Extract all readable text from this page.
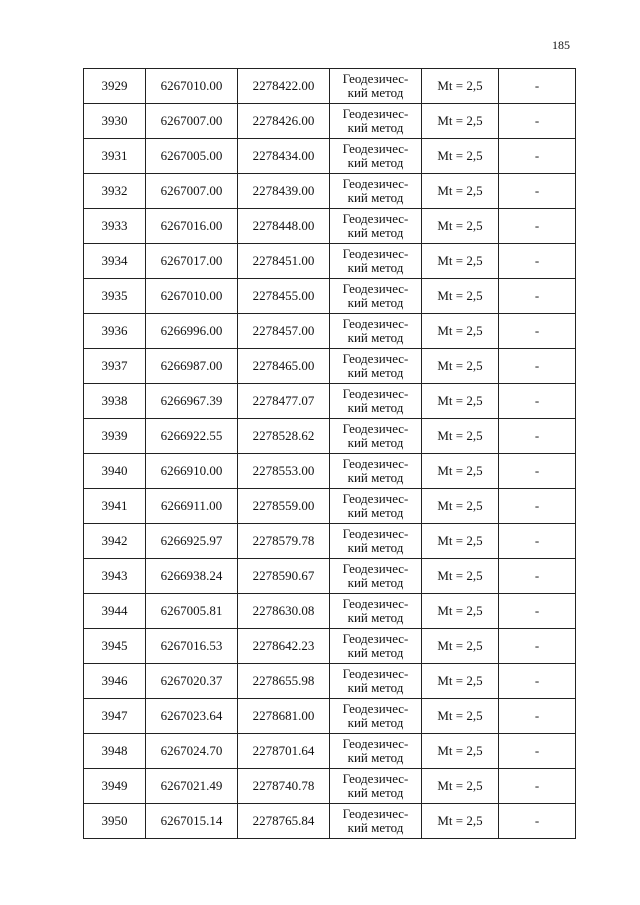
185
3929	6267010.00	2278422.00	Геодезичес-
кий метод	Mt = 2,5	-
3930	6267007.00	2278426.00	Геодезичес-
кий метод	Mt = 2,5	-
3931	6267005.00	2278434.00	Геодезичес-
кий метод	Mt = 2,5	-
3932	6267007.00	2278439.00	Геодезичес-
кий метод	Mt = 2,5	-
3933	6267016.00	2278448.00	Геодезичес-
кий метод	Mt = 2,5	-
3934	6267017.00	2278451.00	Геодезичес-
кий метод	Mt = 2,5	-
3935	6267010.00	2278455.00	Геодезичес-
кий метод	Mt = 2,5	-
3936	6266996.00	2278457.00	Геодезичес-
кий метод	Mt = 2,5	-
3937	6266987.00	2278465.00	Геодезичес-
кий метод	Mt = 2,5	-
3938	6266967.39	2278477.07	Геодезичес-
кий метод	Mt = 2,5	-
3939	6266922.55	2278528.62	Геодезичес-
кий метод	Mt = 2,5	-
3940	6266910.00	2278553.00	Геодезичес-
кий метод	Mt = 2,5	-
3941	6266911.00	2278559.00	Геодезичес-
кий метод	Mt = 2,5	-
3942	6266925.97	2278579.78	Геодезичес-
кий метод	Mt = 2,5	-
3943	6266938.24	2278590.67	Геодезичес-
кий метод	Mt = 2,5	-
3944	6267005.81	2278630.08	Геодезичес-
кий метод	Mt = 2,5	-
3945	6267016.53	2278642.23	Геодезичес-
кий метод	Mt = 2,5	-
3946	6267020.37	2278655.98	Геодезичес-
кий метод	Mt = 2,5	-
3947	6267023.64	2278681.00	Геодезичес-
кий метод	Mt = 2,5	-
3948	6267024.70	2278701.64	Геодезичес-
кий метод	Mt = 2,5	-
3949	6267021.49	2278740.78	Геодезичес-
кий метод	Mt = 2,5	-
3950	6267015.14	2278765.84	Геодезичес-
кий метод	Mt = 2,5	-
